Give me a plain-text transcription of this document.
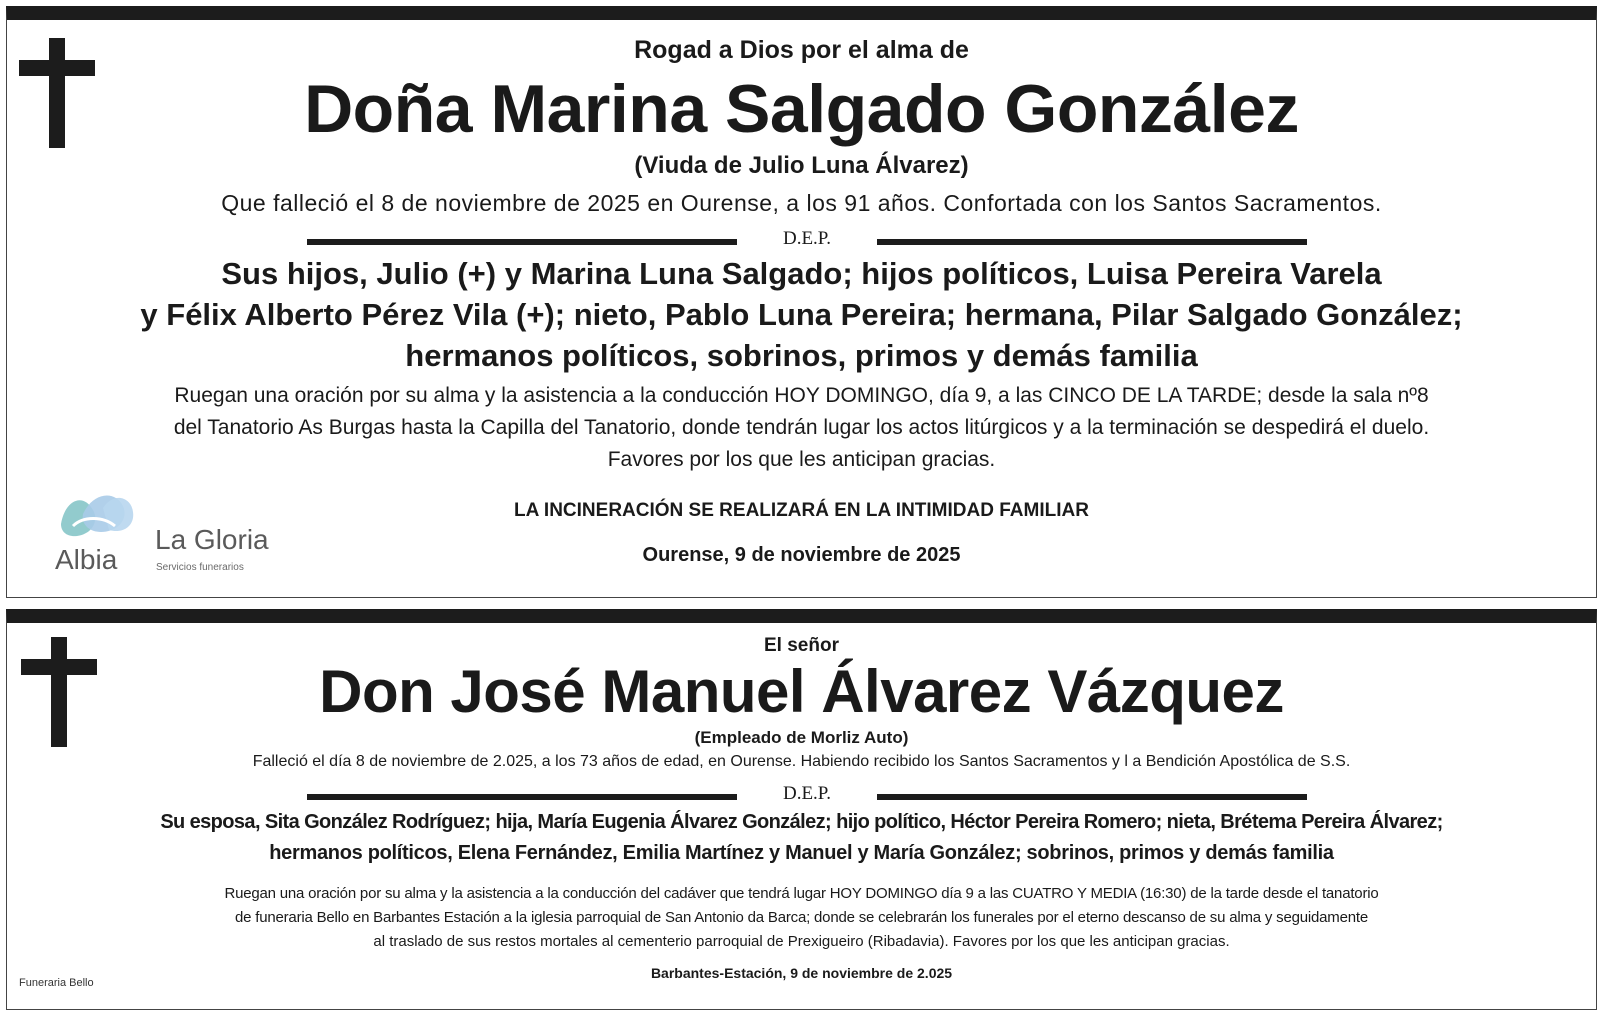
Rogad a Dios por el alma de
Doña Marina Salgado González
(Viuda de Julio Luna Álvarez)
Que falleció el 8 de noviembre de 2025 en Ourense, a los 91 años. Confortada con los Santos Sacramentos.
D.E.P.
Sus hijos, Julio (+) y Marina Luna Salgado; hijos políticos, Luisa Pereira Varela
y Félix Alberto Pérez Vila (+); nieto, Pablo Luna Pereira; hermana, Pilar Salgado González;
hermanos políticos, sobrinos, primos y demás familia
Ruegan una oración por su alma y la asistencia a la conducción HOY DOMINGO, día 9, a las CINCO DE LA TARDE; desde la sala nº8
del Tanatorio As Burgas hasta la Capilla del Tanatorio, donde tendrán lugar los actos litúrgicos y a la terminación se despedirá el duelo.
Favores por los que les anticipan gracias.
LA INCINERACIÓN SE REALIZARÁ EN LA INTIMIDAD FAMILIAR
Ourense, 9 de noviembre de 2025
Albia
La Gloria
Servicios funerarios
El señor
Don José Manuel Álvarez Vázquez
(Empleado de Morliz Auto)
Falleció el día 8 de noviembre de 2.025, a los 73 años de edad, en Ourense. Habiendo recibido los Santos Sacramentos y l a Bendición Apostólica de S.S.
D.E.P.
Su esposa, Sita González Rodríguez; hija, María Eugenia Álvarez González; hijo político, Héctor Pereira Romero; nieta, Brétema Pereira Álvarez;
hermanos políticos, Elena Fernández, Emilia Martínez y Manuel y María González; sobrinos, primos y demás familia
Ruegan una oración por su alma y la asistencia a la conducción del cadáver que tendrá lugar HOY DOMINGO día 9 a las CUATRO Y MEDIA (16:30) de la tarde desde el tanatorio
de funeraria Bello en Barbantes Estación a la iglesia parroquial de San Antonio da Barca; donde se celebrarán los funerales por el eterno descanso de su alma y seguidamente
al traslado de sus restos mortales al cementerio parroquial de Prexigueiro (Ribadavia). Favores por los que les anticipan gracias.
Barbantes-Estación, 9 de noviembre de 2.025
Funeraria Bello
